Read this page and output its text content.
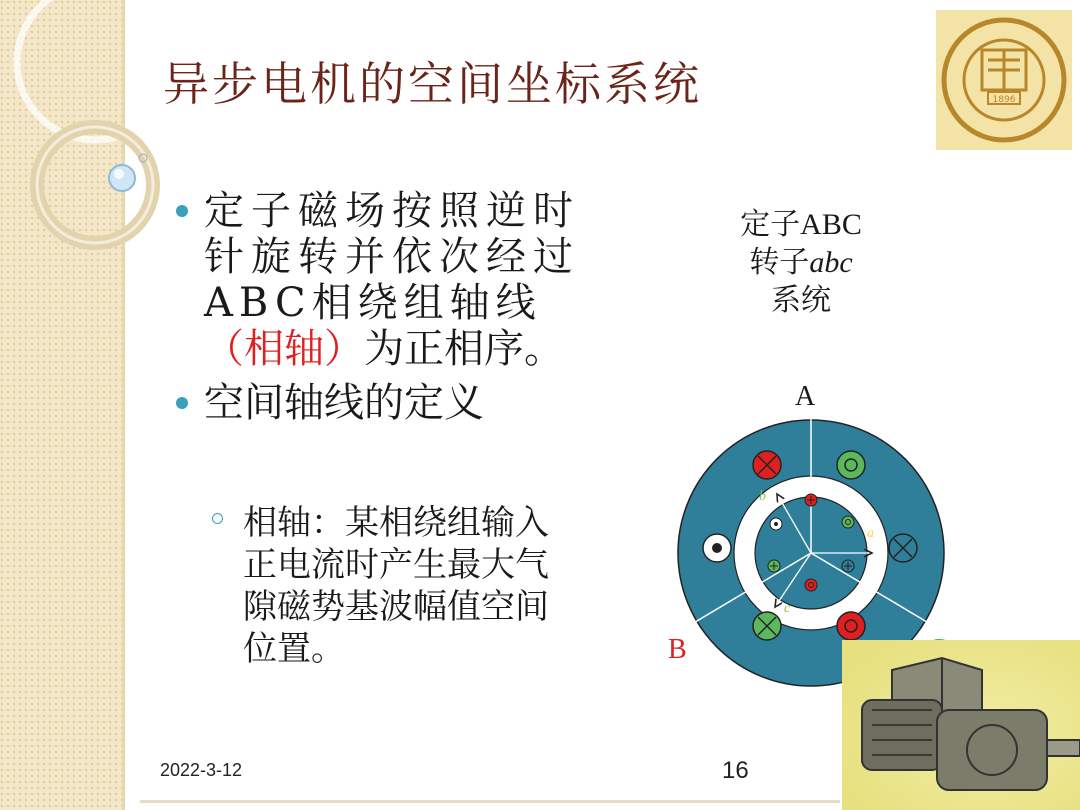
异步电机的空间坐标系统	1896
定子磁场按照逆时
针旋转并依次经过
ABC相绕组轴线
（相轴）为正相序。
空间轴线的定义
相轴：某相绕组输入
正电流时产生最大气
隙磁势基波幅值空间
位置。
定子ABC
转子abc
系统
A
B
a
b
c
2022-3-12	16
